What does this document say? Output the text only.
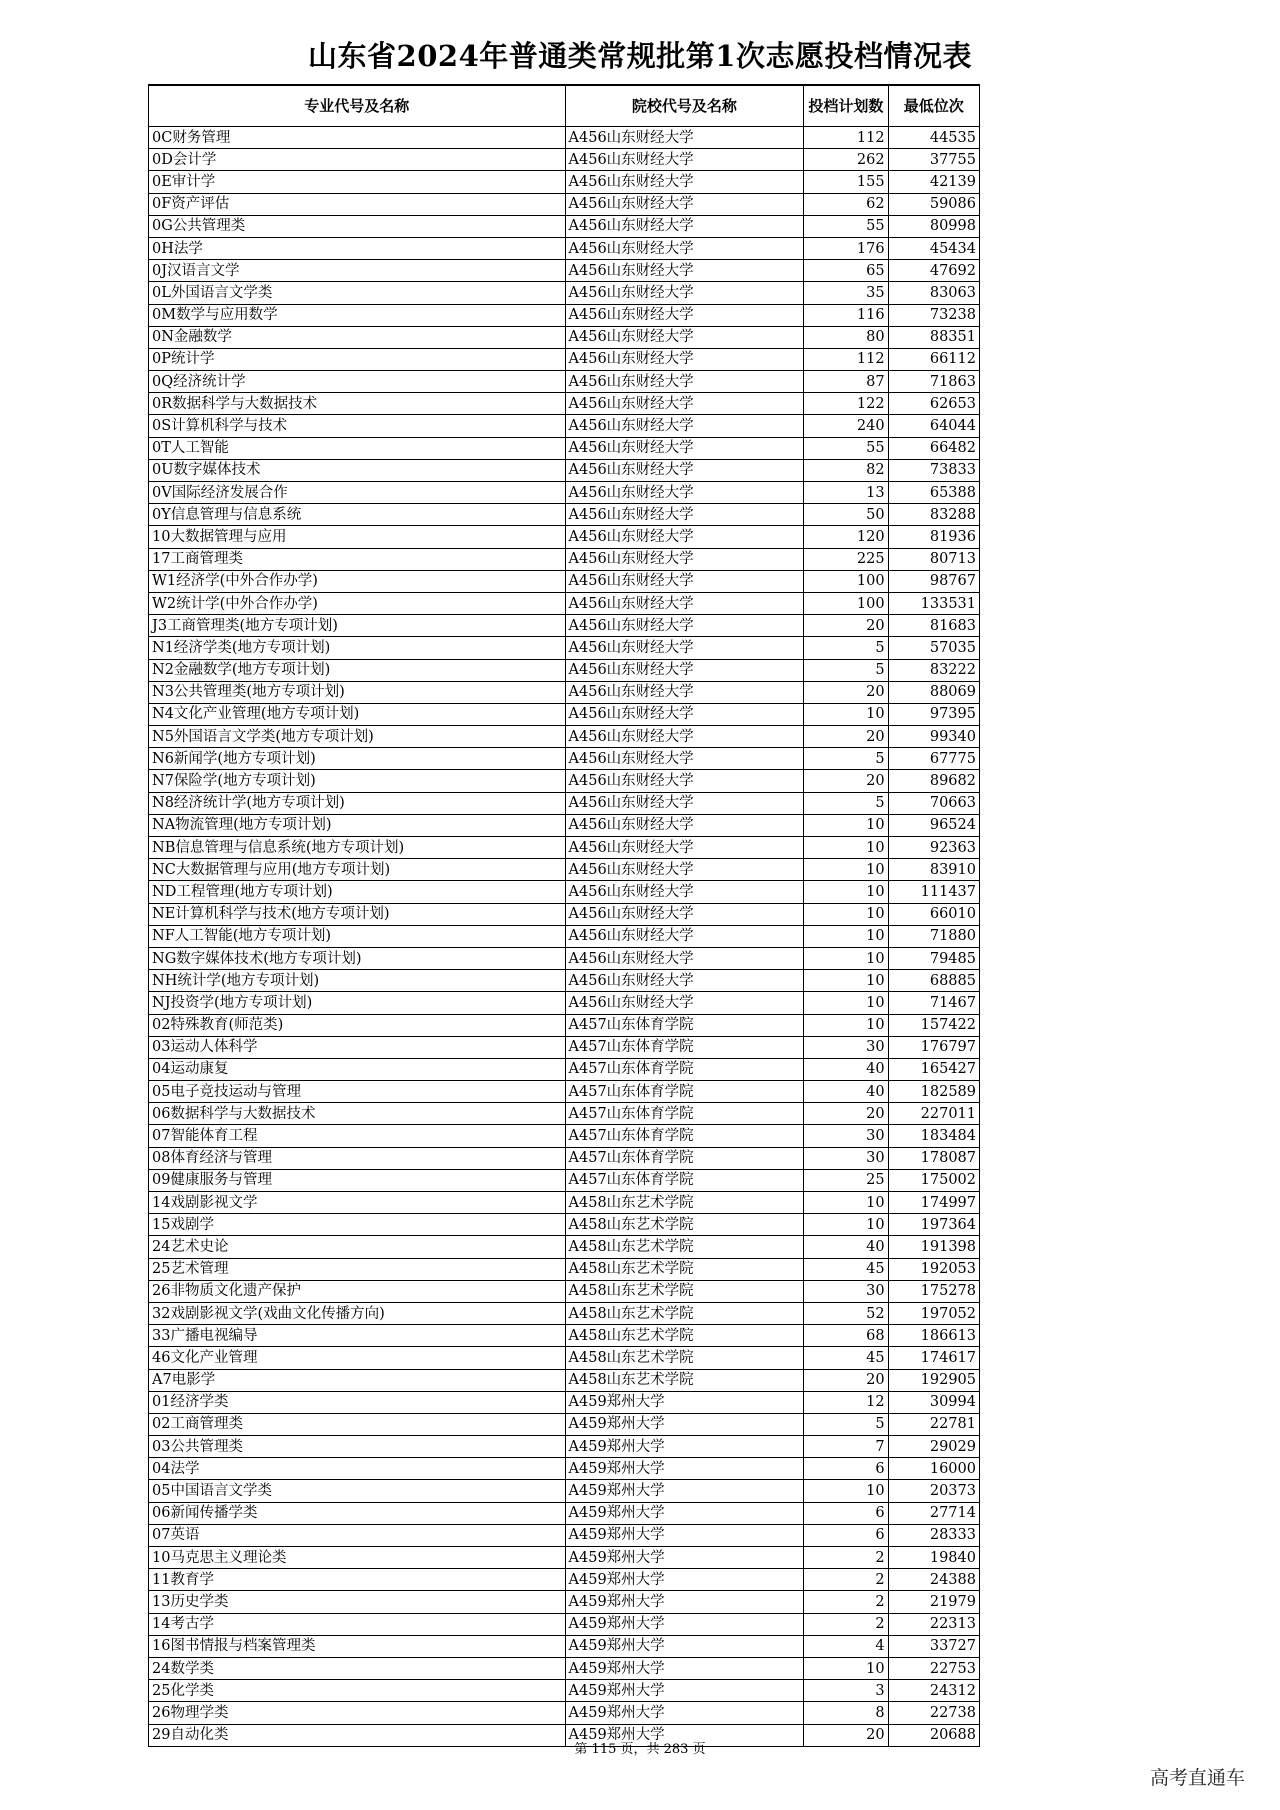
山东省2024年普通类常规批第1次志愿投档情况表
专业代号及名称	院校代号及名称	投档计划数	最低位次
0C财务管理	A456山东财经大学	112	44535
0D会计学	A456山东财经大学	262	37755
0E审计学	A456山东财经大学	155	42139
0F资产评估	A456山东财经大学	62	59086
0G公共管理类	A456山东财经大学	55	80998
0H法学	A456山东财经大学	176	45434
0J汉语言文学	A456山东财经大学	65	47692
0L外国语言文学类	A456山东财经大学	35	83063
0M数学与应用数学	A456山东财经大学	116	73238
0N金融数学	A456山东财经大学	80	88351
0P统计学	A456山东财经大学	112	66112
0Q经济统计学	A456山东财经大学	87	71863
0R数据科学与大数据技术	A456山东财经大学	122	62653
0S计算机科学与技术	A456山东财经大学	240	64044
0T人工智能	A456山东财经大学	55	66482
0U数字媒体技术	A456山东财经大学	82	73833
0V国际经济发展合作	A456山东财经大学	13	65388
0Y信息管理与信息系统	A456山东财经大学	50	83288
10大数据管理与应用	A456山东财经大学	120	81936
17工商管理类	A456山东财经大学	225	80713
W1经济学(中外合作办学)	A456山东财经大学	100	98767
W2统计学(中外合作办学)	A456山东财经大学	100	133531
J3工商管理类(地方专项计划)	A456山东财经大学	20	81683
N1经济学类(地方专项计划)	A456山东财经大学	5	57035
N2金融数学(地方专项计划)	A456山东财经大学	5	83222
N3公共管理类(地方专项计划)	A456山东财经大学	20	88069
N4文化产业管理(地方专项计划)	A456山东财经大学	10	97395
N5外国语言文学类(地方专项计划)	A456山东财经大学	20	99340
N6新闻学(地方专项计划)	A456山东财经大学	5	67775
N7保险学(地方专项计划)	A456山东财经大学	20	89682
N8经济统计学(地方专项计划)	A456山东财经大学	5	70663
NA物流管理(地方专项计划)	A456山东财经大学	10	96524
NB信息管理与信息系统(地方专项计划)	A456山东财经大学	10	92363
NC大数据管理与应用(地方专项计划)	A456山东财经大学	10	83910
ND工程管理(地方专项计划)	A456山东财经大学	10	111437
NE计算机科学与技术(地方专项计划)	A456山东财经大学	10	66010
NF人工智能(地方专项计划)	A456山东财经大学	10	71880
NG数字媒体技术(地方专项计划)	A456山东财经大学	10	79485
NH统计学(地方专项计划)	A456山东财经大学	10	68885
NJ投资学(地方专项计划)	A456山东财经大学	10	71467
02特殊教育(师范类)	A457山东体育学院	10	157422
03运动人体科学	A457山东体育学院	30	176797
04运动康复	A457山东体育学院	40	165427
05电子竞技运动与管理	A457山东体育学院	40	182589
06数据科学与大数据技术	A457山东体育学院	20	227011
07智能体育工程	A457山东体育学院	30	183484
08体育经济与管理	A457山东体育学院	30	178087
09健康服务与管理	A457山东体育学院	25	175002
14戏剧影视文学	A458山东艺术学院	10	174997
15戏剧学	A458山东艺术学院	10	197364
24艺术史论	A458山东艺术学院	40	191398
25艺术管理	A458山东艺术学院	45	192053
26非物质文化遗产保护	A458山东艺术学院	30	175278
32戏剧影视文学(戏曲文化传播方向)	A458山东艺术学院	52	197052
33广播电视编导	A458山东艺术学院	68	186613
46文化产业管理	A458山东艺术学院	45	174617
A7电影学	A458山东艺术学院	20	192905
01经济学类	A459郑州大学	12	30994
02工商管理类	A459郑州大学	5	22781
03公共管理类	A459郑州大学	7	29029
04法学	A459郑州大学	6	16000
05中国语言文学类	A459郑州大学	10	20373
06新闻传播学类	A459郑州大学	6	27714
07英语	A459郑州大学	6	28333
10马克思主义理论类	A459郑州大学	2	19840
11教育学	A459郑州大学	2	24388
13历史学类	A459郑州大学	2	21979
14考古学	A459郑州大学	2	22313
16图书情报与档案管理类	A459郑州大学	4	33727
24数学类	A459郑州大学	10	22753
25化学类	A459郑州大学	3	24312
26物理学类	A459郑州大学	8	22738
29自动化类	A459郑州大学	20	20688
第 115 页，共 283 页
高考直通车
